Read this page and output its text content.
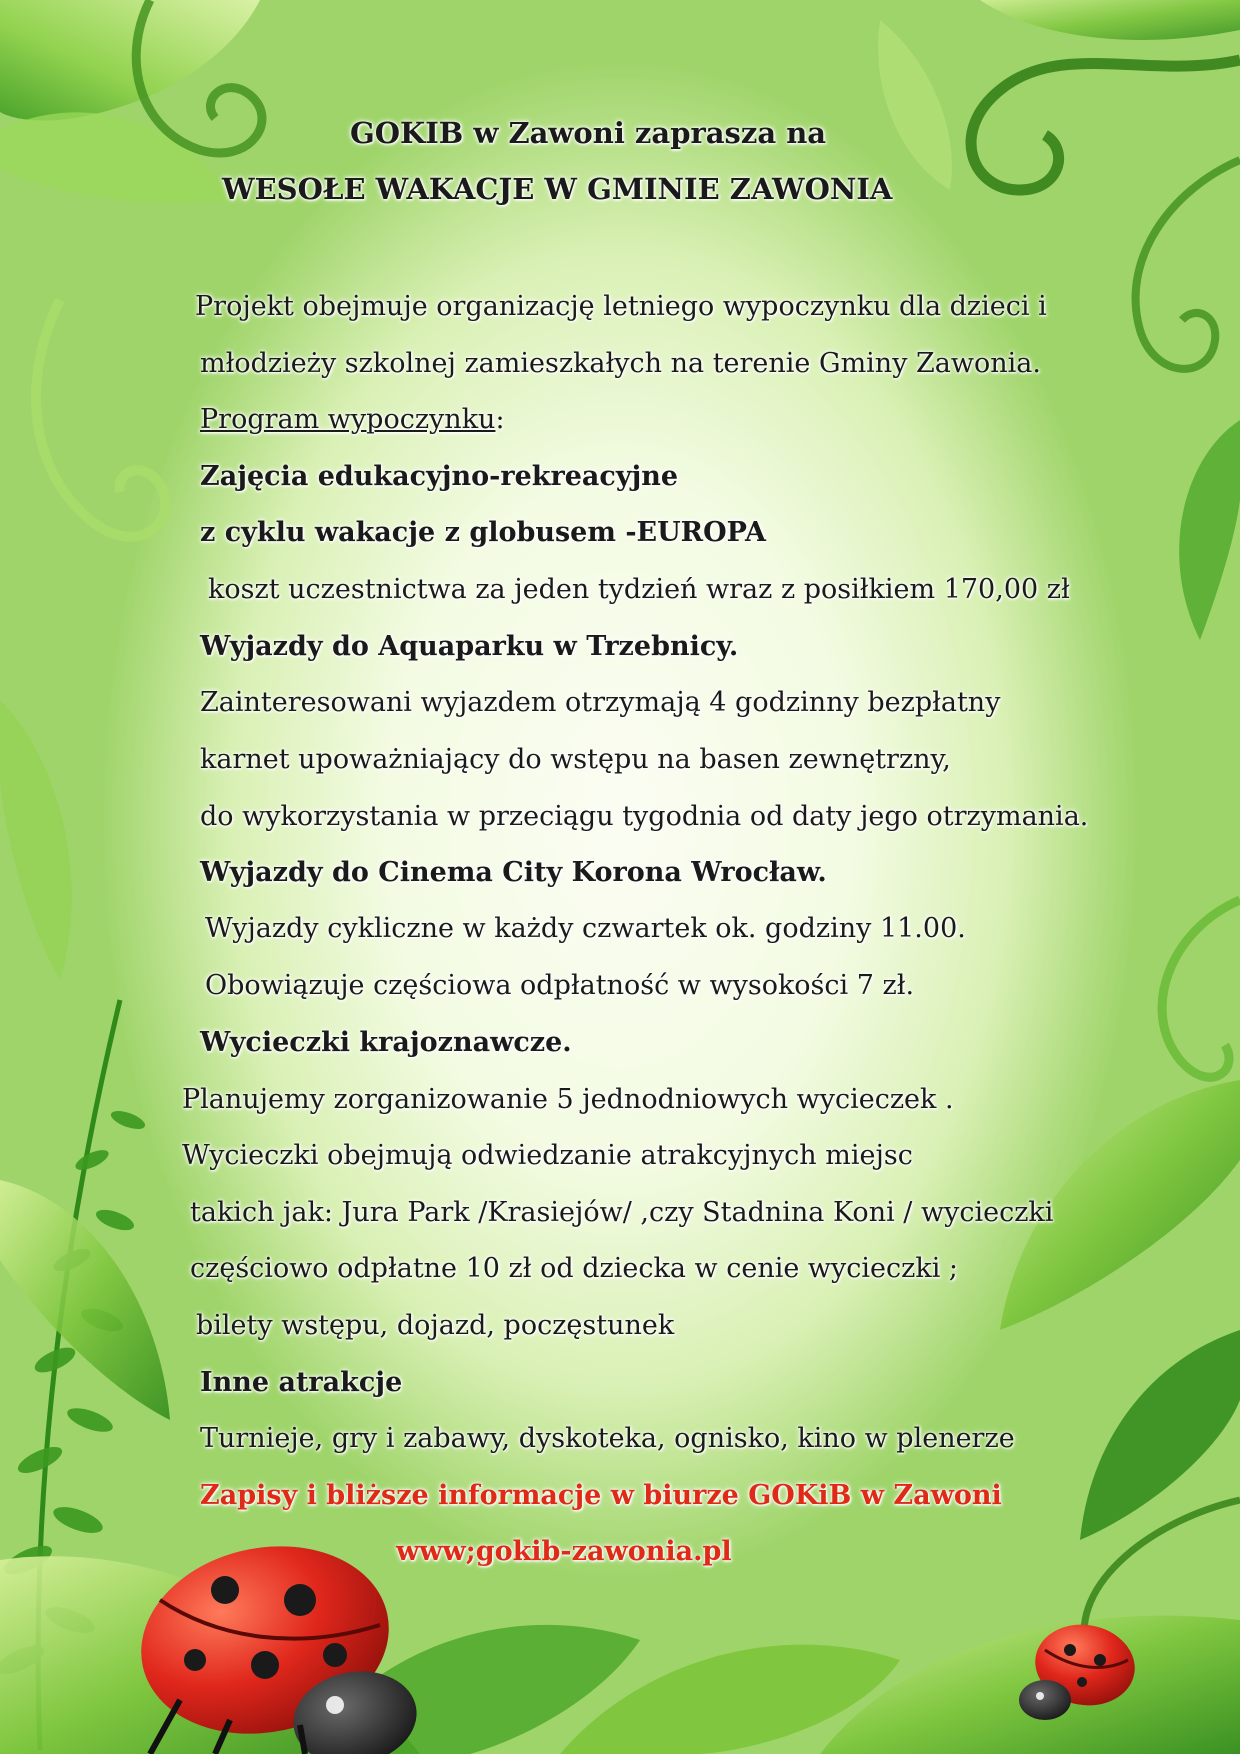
GOKIB w Zawoni zaprasza na
WESOŁE WAKACJE W GMINIE ZAWONIA
Projekt obejmuje organizację letniego wypoczynku dla dzieci i
młodzieży szkolnej zamieszkałych na terenie Gminy Zawonia.
Program wypoczynku:
Zajęcia edukacyjno-rekreacyjne
z cyklu wakacje z globusem -EUROPA
koszt uczestnictwa za jeden tydzień wraz z posiłkiem 170,00 zł
Wyjazdy do Aquaparku w Trzebnicy.
Zainteresowani wyjazdem otrzymają 4 godzinny bezpłatny
karnet upoważniający do wstępu na basen zewnętrzny,
do wykorzystania w przeciągu tygodnia od daty jego otrzymania.
Wyjazdy do Cinema City Korona Wrocław.
Wyjazdy cykliczne w każdy czwartek ok. godziny 11.00.
Obowiązuje częściowa odpłatność w wysokości 7 zł.
Wycieczki krajoznawcze.
Planujemy zorganizowanie 5 jednodniowych wycieczek .
Wycieczki obejmują odwiedzanie atrakcyjnych miejsc
takich jak: Jura Park /Krasiejów/ ,czy Stadnina Koni / wycieczki
częściowo odpłatne 10 zł od dziecka w cenie wycieczki ;
bilety wstępu, dojazd, poczęstunek
Inne atrakcje
Turnieje, gry i zabawy, dyskoteka, ognisko, kino w plenerze
Zapisy i bliższe informacje w biurze GOKiB w Zawoni
www;gokib-zawonia.pl
